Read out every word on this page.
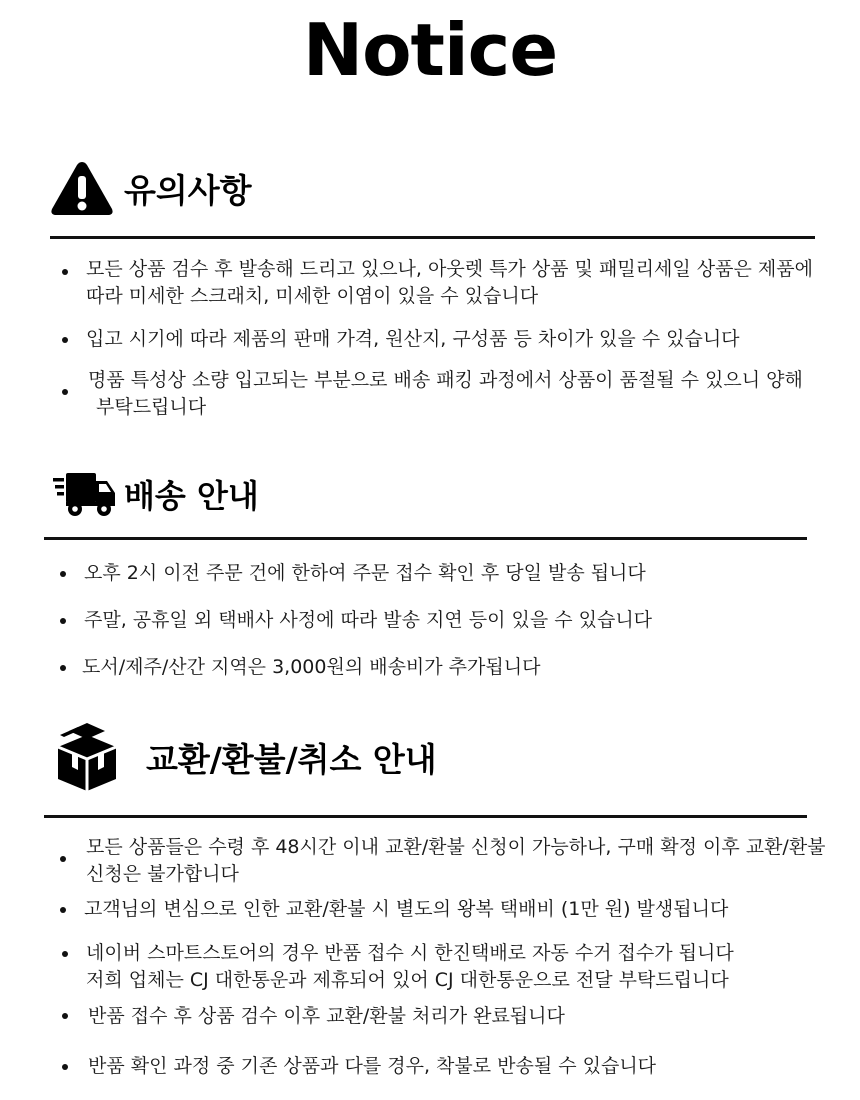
Notice
유의사항
모든 상품 검수 후 발송해 드리고 있으나, 아웃렛 특가 상품 및 패밀리세일 상품은 제품에
따라 미세한 스크래치, 미세한 이염이 있을 수 있습니다
입고 시기에 따라 제품의 판매 가격, 원산지, 구성품 등 차이가 있을 수 있습니다
명품 특성상 소량 입고되는 부분으로 배송 패킹 과정에서 상품이 품절될 수 있으니 양해
부탁드립니다
배송 안내
오후 2시 이전 주문 건에 한하여 주문 접수 확인 후 당일 발송 됩니다
주말, 공휴일 외 택배사 사정에 따라 발송 지연 등이 있을 수 있습니다
도서/제주/산간 지역은 3,000원의 배송비가 추가됩니다
교환/환불/취소 안내
모든 상품들은 수령 후 48시간 이내 교환/환불 신청이 가능하나, 구매 확정 이후 교환/환불
신청은 불가합니다
고객님의 변심으로 인한 교환/환불 시 별도의 왕복 택배비 (1만 원) 발생됩니다
네이버 스마트스토어의 경우 반품 접수 시 한진택배로 자동 수거 접수가 됩니다
저희 업체는 CJ 대한통운과 제휴되어 있어 CJ 대한통운으로 전달 부탁드립니다
반품 접수 후 상품 검수 이후 교환/환불 처리가 완료됩니다
반품 확인 과정 중 기존 상품과 다를 경우, 착불로 반송될 수 있습니다
